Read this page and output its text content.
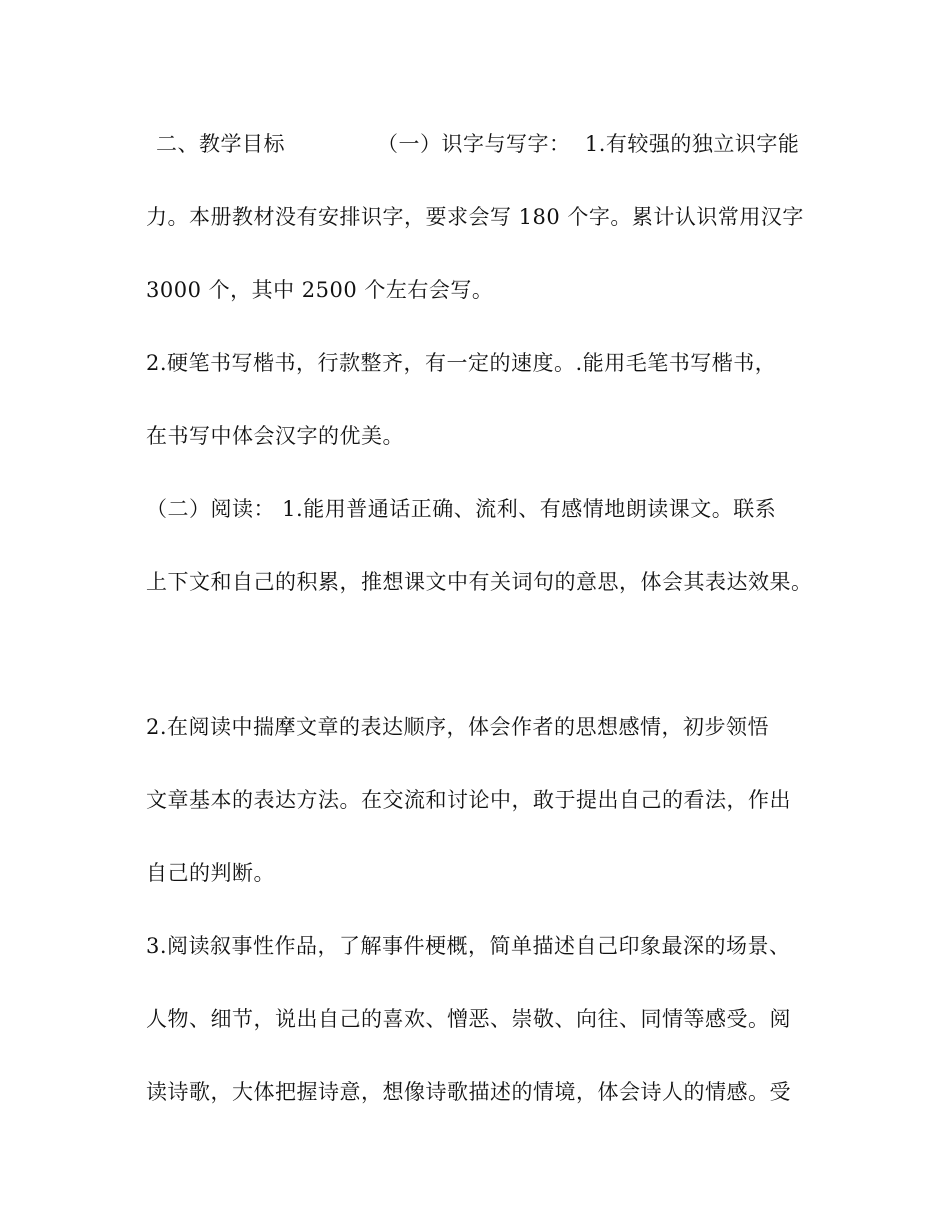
二、教学目标	（一）识字与写字： 1.有较强的独立识字能
力。本册教材没有安排识字，要求会写 180 个字。累计认识常用汉字
3000 个，其中 2500 个左右会写。
2.硬笔书写楷书，行款整齐，有一定的速度。.能用毛笔书写楷书，
在书写中体会汉字的优美。
（二）阅读： 1.能用普通话正确、流利、有感情地朗读课文。联系
上下文和自己的积累，推想课文中有关词句的意思，体会其表达效果。
2.在阅读中揣摩文章的表达顺序，体会作者的思想感情，初步领悟
文章基本的表达方法。在交流和讨论中，敢于提出自己的看法，作出
自己的判断。
3.阅读叙事性作品，了解事件梗概，简单描述自己印象最深的场景、
人物、细节，说出自己的喜欢、憎恶、崇敬、向往、同情等感受。阅
读诗歌，大体把握诗意，想像诗歌描述的情境，体会诗人的情感。受
